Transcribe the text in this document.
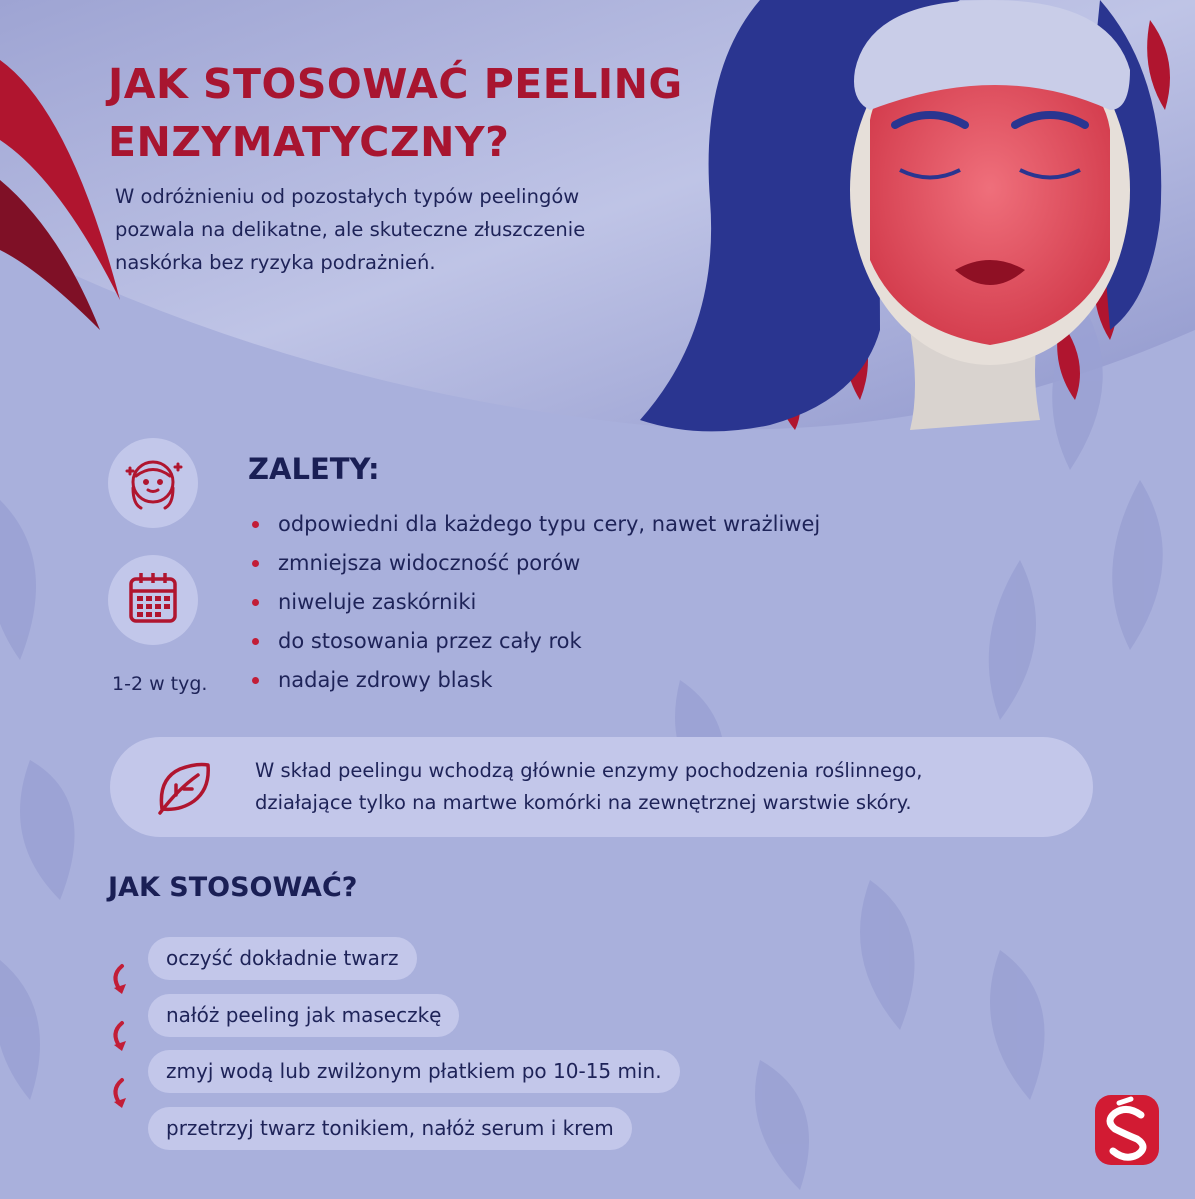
JAK STOSOWAĆ PEELING
ENZYMATYCZNY?
W odróżnieniu od pozostałych typów peelingów
pozwala na delikatne, ale skuteczne złuszczenie
naskórka bez ryzyka podrażnień.
1-2 w tyg.
ZALETY:
odpowiedni dla każdego typu cery, nawet wrażliwej
zmniejsza widoczność porów
niweluje zaskórniki
do stosowania przez cały rok
nadaje zdrowy blask
W skład peelingu wchodzą głównie enzymy pochodzenia roślinnego,
działające tylko na martwe komórki na zewnętrznej warstwie skóry.
JAK STOSOWAĆ?
oczyść dokładnie twarz
nałóż peeling jak maseczkę
zmyj wodą lub zwilżonym płatkiem po 10-15 min.
przetrzyj twarz tonikiem, nałóż serum i krem
